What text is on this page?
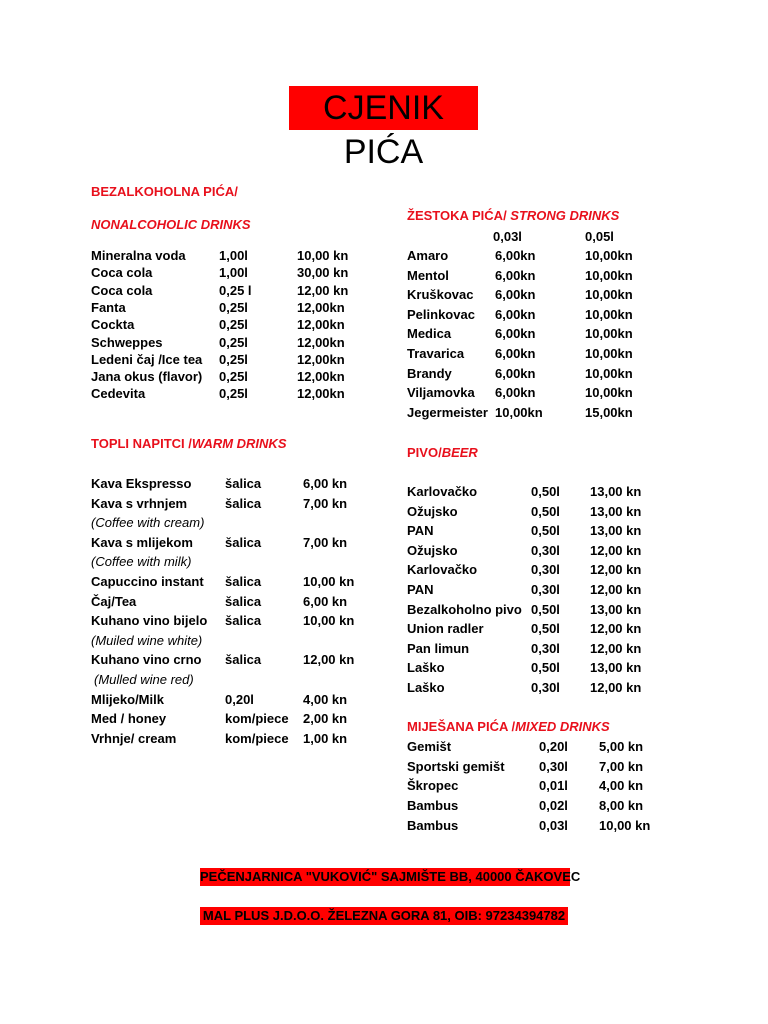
CJENIK PIĆA
BEZALKOHOLNA PIĆA/
NONALCOHOLIC DRINKS
Mineralna voda	1,00l	10,00 kn
Coca cola	1,00l	30,00 kn
Coca cola	0,25 l	12,00 kn
Fanta	0,25l	12,00kn
Cockta	0,25l	12,00kn
Schweppes	0,25l	12,00kn
Ledeni čaj /Ice tea 0,25l	12,00kn
Jana okus (flavor) 0,25l	12,00kn
Cedevita	0,25l	12,00kn
TOPLI NAPITCI /WARM DRINKS
Kava Ekspresso	šalica	6,00 kn
Kava s vrhnjem	šalica	7,00 kn
(Coffee with cream)
Kava s mlijekom šalica	7,00 kn
(Coffee with milk)
Capuccino instant šalica	10,00 kn
Čaj/Tea	šalica	6,00 kn
Kuhano vino bijelo šalica	10,00 kn
(Muiled wine white)
Kuhano vino crno šalica	12,00 kn
(Mulled wine red)
Mlijeko/Milk	0,20l	4,00 kn
Med / honey	kom/piece 2,00 kn
Vrhnje/ cream	kom/piece 1,00 kn
ŽESTOKA PIĆA/ STRONG DRINKS
0,03l	0,05l
Amaro	6,00kn	10,00kn
Mentol	6,00kn	10,00kn
Kruškovac 6,00kn	10,00kn
Pelinkovac 6,00kn	10,00kn
Medica	6,00kn	10,00kn
Travarica 6,00kn	10,00kn
Brandy	6,00kn	10,00kn
Viljamovka 6,00kn	10,00kn
Jegermeister 10,00kn	15,00kn
PIVO/BEER
Karlovačko	0,50l 13,00 kn
Ožujsko	0,50l 13,00 kn
PAN	0,50l 13,00 kn
Ožujsko	0,30l 12,00 kn
Karlovačko	0,30l 12,00 kn
PAN	0,30l 12,00 kn
Bezalkoholno pivo 0,50l 13,00 kn
Union radler	0,50l 12,00 kn
Pan limun	0,30l 12,00 kn
Laško	0,50l 13,00 kn
Laško	0,30l 12,00 kn
MIJEŠANA PIĆA /MIXED DRINKS
Gemišt	0,20l 5,00 kn
Sportski gemišt	0,30l 7,00 kn
Škropec	0,01l 4,00 kn
Bambus	0,02l 8,00 kn
Bambus	0,03l 10,00 kn
PEČENJARNICA "VUKOVIĆ" SAJMIŠTE BB, 40000 ČAKOVEC
MAL PLUS J.D.O.O. ŽELEZNA GORA 81, OIB: 97234394782
